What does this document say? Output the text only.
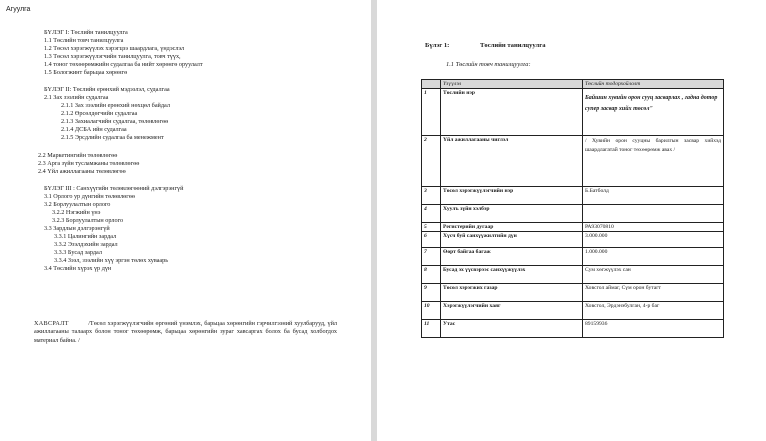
Агуулга
БҮЛЭГ I: Төслийн танилцуулга
1.1 Төслийн товч танилцуулга
1.2 Төсөл хэрэгжүүлэх хэрэгцээ шаардлага, үндэслэл
1.3 Төсөл хэрэгжүүлэгчийн танилцуулга, товч түүх,
1.4 тоног төхөөрөмжийн судалгаа ба нийт хөрөнгө оруулалт
1.5 Бологжинт барьцаа хөрөнгө
БҮЛЭГ II: Төслийн ерөнхий мэдээлэл, судалгаа
2.1 Зах зээлийн судалгаа
2.1.1 Зах зээлийн ерөнхий нөхцөл байдал
2.1.2 Өрсөлдөгчийн судалгаа
2.1.3 Захиалагчийн судалгаа, төлөвлөгөө
2.1.4 ДСБА ийн судалгаа
2.1.5 Эрсдлийн судалгаа ба менежмент
2.2 Маркетингийн төлөвлөгөө
2.3 Арга зүйн тусламжаны төлөвлөгөө
2.4 Үйл ажиллагааны төлөвлөгөө
БҮЛЭГ III : Санхүүгийн төлөвлөгөөний дэлгэрэнгүй
3.1 Орлого ур дүнгийн төлөвлөгөө
3.2 Борлуулалтын орлого
3.2.2 Нэгжийн үнэ
3.2.3 Борлуулалтын орлого
3.3 Зардлын дэлгэрэнгүй
3.3.1 Цалингийн зардал
3.3.2 Эзэлдэхийн зардал
3.3.3 Бусад зардал
3.3.4 Зээл, зээлийн хүү эргэн төлөх хуваарь
3.4 Төслийн хүрэх үр дүн
ХАВСРАЛТ	/Төсөл хэрэгжүүлэгчийн өргөний үнэмлэх, барьцаа хөрөнгийн гэрчилгээний хуулбарууд, үйл ажиллагааны талаарх болон тоног төхөөрөмж, барьцаа хөрөнгийн зураг хавсаргах болох ба бусад холбогдох материал байна. /
Бүлэг 1:	Төслийн танилцуулга
1.1 Төслийн товч танилцуулга:
	Үзүүлэл	Төслийн тодорхойлолт
1	Төслийн нэр	Байшин хувийн орон сууц засварлах , гадна дотор супер засвар хийх төсөл"
2	Үйл ажиллагааны чиглэл	/ Хувийн орон сууцны барилгын засвар хийхэд шаардлагатай тоног төхөөрөмж авах /
3	Төсөл хэрэгжүүлэгчийн нэр	Б.Батболд
4	Хуулъ зүйн хэлбэр	
5	Регистерийн дугаар	РА93070810
6	Хүсч буй санхүүжилтийн дүн	3.000.000
7	Өөрт байгаа багаж	1.000.000
8	Бусад эх үүсвэрээс санхүүжүүлэх	Сум хөгжүүлэх сан
9	Төсөл хэрэгжих газар	Ховсгол аймаг, Сүм орон бутагт
10	Хэрэгжүүлэгчийн хаяг	Ховсгол, Эрдэнэбулган, 4-р баг
11	Утас	89159936
